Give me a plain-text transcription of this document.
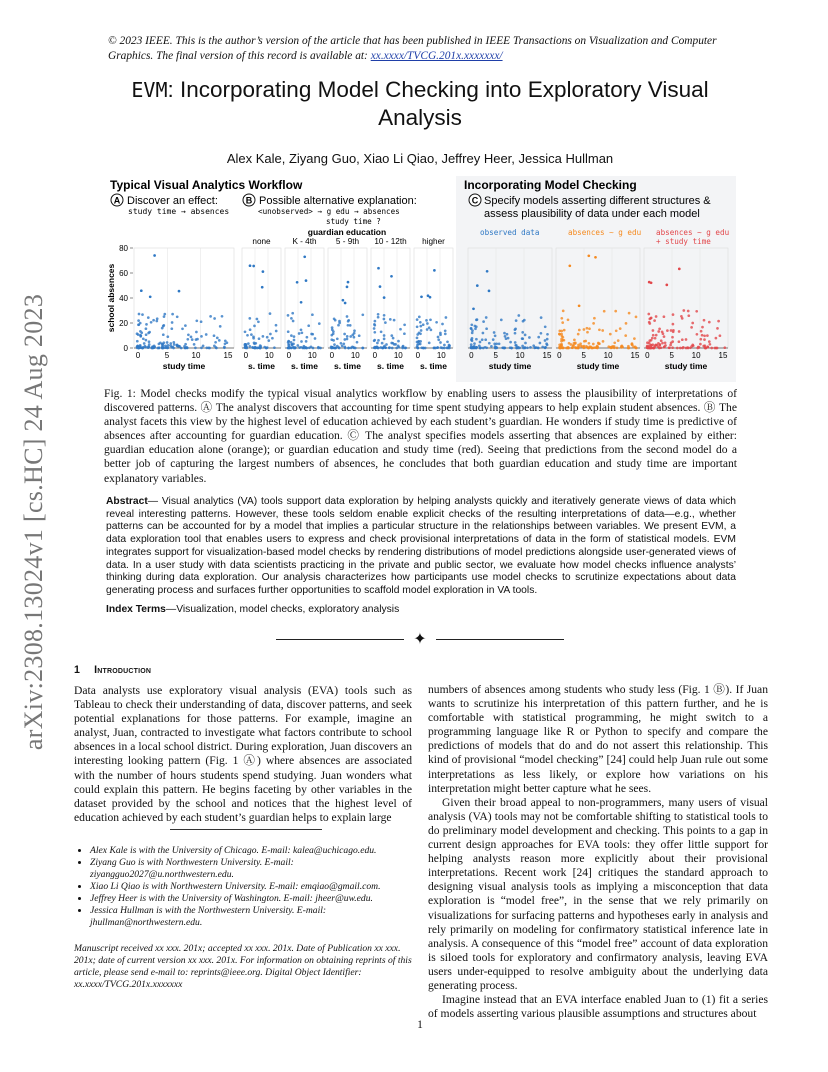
arXiv:2308.13024v1 [cs.HC] 24 Aug 2023
© 2023 IEEE. This is the author’s version of the article that has been published in IEEE Transactions on Visualization and Computer Graphics. The final version of this record is available at: xx.xxxx/TVCG.201x.xxxxxxx/
EVM: Incorporating Model Checking into Exploratory Visual Analysis
Alex Kale, Ziyang Guo, Xiao Li Qiao, Jeffrey Heer, Jessica Hullman
Typical Visual Analytics Workflow	Incorporating Model Checking
A Discover an effect:
study time → absences
B Possible alternative explanation:
<unobserved> → g edu → absences
study time ?
C Specify models asserting different structures &
assess plausibility of data under each model
guardian education
school absences
80
60
40
20
0
0	5	10	15
study time
none
0 10
s. time
K - 4th
0 10
s. time
5 - 9th
0 10
s. time
10 - 12th
0 10
s. time
higher
0 10
s. time
observed data
0 5 10 15
study time
absences ~ g edu
0 5 10 15
study time
absences ~ g edu
0 5 10 15
study time
+ study time
Fig. 1: Model checks modify the typical visual analytics workflow by enabling users to assess the plausibility of interpretations of discovered patterns. Ⓐ The analyst discovers that accounting for time spent studying appears to help explain student absences. Ⓑ The analyst facets this view by the highest level of education achieved by each student’s guardian. He wonders if study time is predictive of absences after accounting for guardian education. Ⓒ The analyst specifies models asserting that absences are explained by either: guardian education alone (orange); or guardian education and study time (red). Seeing that predictions from the second model do a better job of capturing the largest numbers of absences, he concludes that both guardian education and study time are important explanatory variables.
Abstract— Visual analytics (VA) tools support data exploration by helping analysts quickly and iteratively generate views of data which reveal interesting patterns. However, these tools seldom enable explicit checks of the resulting interpretations of data—e.g., whether patterns can be accounted for by a model that implies a particular structure in the relationships between variables. We present EVM, a data exploration tool that enables users to express and check provisional interpretations of data in the form of statistical models. EVM integrates support for visualization-based model checks by rendering distributions of model predictions alongside user-generated views of data. In a user study with data scientists practicing in the private and public sector, we evaluate how model checks influence analysts’ thinking during data exploration. Our analysis characterizes how participants use model checks to scrutinize expectations about data generating process and surfaces further opportunities to scaffold model exploration in VA tools.
Index Terms—Visualization, model checks, exploratory analysis
✦
1 Introduction

Data analysts use exploratory visual analysis (EVA) tools such as Tableau to check their understanding of data, discover patterns, and seek potential explanations for those patterns. For example, imagine an analyst, Juan, contracted to investigate what factors contribute to school absences in a local school district. During exploration, Juan discovers an interesting looking pattern (Fig. 1 Ⓐ) where absences are associated with the number of hours students spend studying. Juan wonders what could explain this pattern. He begins faceting by other variables in the dataset provided by the school and notices that the highest level of education achieved by each student’s guardian helps to explain large

numbers of absences among students who study less (Fig. 1 Ⓑ). If Juan wants to scrutinize his interpretation of this pattern further, and he is comfortable with statistical programming, he might switch to a programming language like R or Python to specify and compare the predictions of models that do and do not assert this relationship. This kind of provisional “model checking” [24] could help Juan rule out some interpretations as less likely, or explore how variations on his interpretation might better capture what he sees.

Given their broad appeal to non-programmers, many users of visual analysis (VA) tools may not be comfortable shifting to statistical tools to do preliminary model development and checking. This points to a gap in current design approaches for EVA tools: they offer little support for helping analysts reason more explicitly about their provisional interpretations. Recent work [24] critiques the standard approach to designing visual analysis tools as implying a misconception that data exploration is “model free”, in the sense that we rely primarily on visualizations for surfacing patterns and hypotheses early in analysis and rely primarily on modeling for confirmatory statistical inference late in analysis. A consequence of this “model free” account of data exploration is siloed tools for exploratory and confirmatory analysis, leaving EVA users under-equipped to resolve ambiguity about the underlying data generating process.

Imagine instead that an EVA interface enabled Juan to (1) fit a series of models asserting various plausible assumptions and structures about

• Alex Kale is with the University of Chicago. E-mail: kalea@uchicago.edu.
• Ziyang Guo is with Northwestern University. E-mail: ziyangguo2027@u.northwestern.edu.
• Xiao Li Qiao is with Northwestern University. E-mail: emqiao@gmail.com.
• Jeffrey Heer is with the University of Washington. E-mail: jheer@uw.edu.
• Jessica Hullman is with the Northwestern University. E-mail: jhullman@northwestern.edu.
Manuscript received xx xxx. 201x; accepted xx xxx. 201x. Date of Publication xx xxx. 201x; date of current version xx xxx. 201x. For information on obtaining reprints of this article, please send e-mail to: reprints@ieee.org. Digital Object Identifier: xx.xxxx/TVCG.201x.xxxxxxx
1
